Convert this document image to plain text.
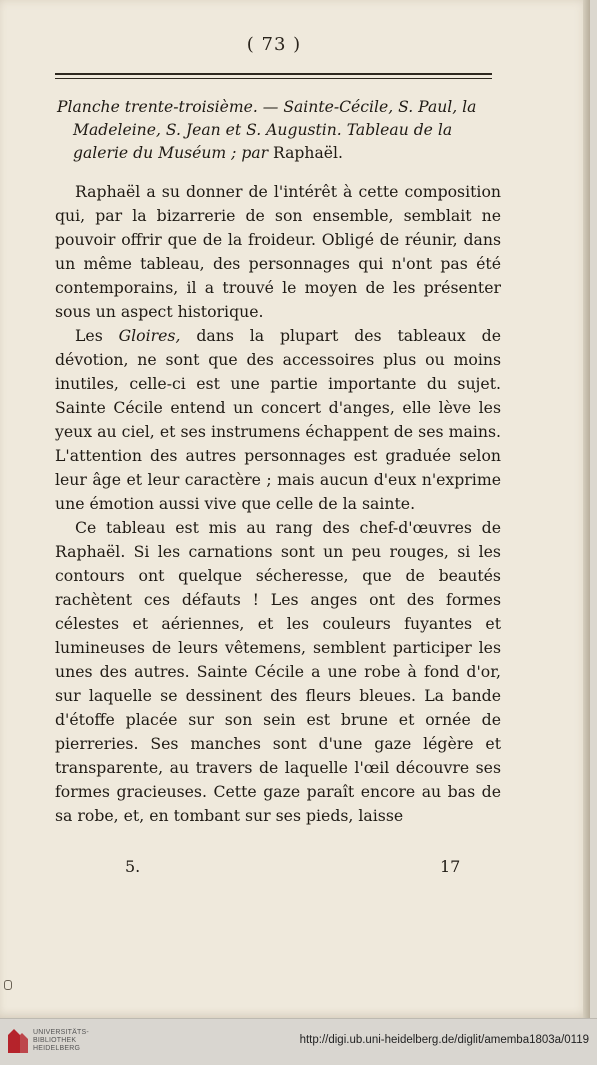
( 73 )
Planche trente-troisième. — Sainte-Cécile, S. Paul, la
Madeleine, S. Jean et S. Augustin. Tableau de la
galerie du Muséum ; par Raphaël.

Raphaël a su donner de l'intérêt à cette composition qui, par la bizarrerie de son ensemble, semblait ne pouvoir offrir que de la froideur. Obligé de réunir, dans un même tableau, des personnages qui n'ont pas été contemporains, il a trouvé le moyen de les présenter sous un aspect historique.

Les Gloires, dans la plupart des tableaux de dévotion, ne sont que des accessoires plus ou moins inutiles, celle-ci est une partie importante du sujet. Sainte Cécile entend un concert d'anges, elle lève les yeux au ciel, et ses instrumens échappent de ses mains. L'attention des autres personnages est graduée selon leur âge et leur caractère ; mais aucun d'eux n'exprime une émotion aussi vive que celle de la sainte.

Ce tableau est mis au rang des chef-d'œuvres de Raphaël. Si les carnations sont un peu rouges, si les contours ont quelque sécheresse, que de beautés rachètent ces défauts ! Les anges ont des formes célestes et aériennes, et les couleurs fuyantes et lumineuses de leurs vêtemens, semblent participer les unes des autres. Sainte Cécile a une robe à fond d'or, sur laquelle se dessinent des fleurs bleues. La bande d'étoffe placée sur son sein est brune et ornée de pierreries. Ses manches sont d'une gaze légère et transparente, au travers de laquelle l'œil découvre ses formes gracieuses. Cette gaze paraît encore au bas de sa robe, et, en tombant sur ses pieds, laisse

5.	17
UNIVERSITÄTS-
BIBLIOTHEK
HEIDELBERG
http://digi.ub.uni-heidelberg.de/diglit/amemba1803a/0119
